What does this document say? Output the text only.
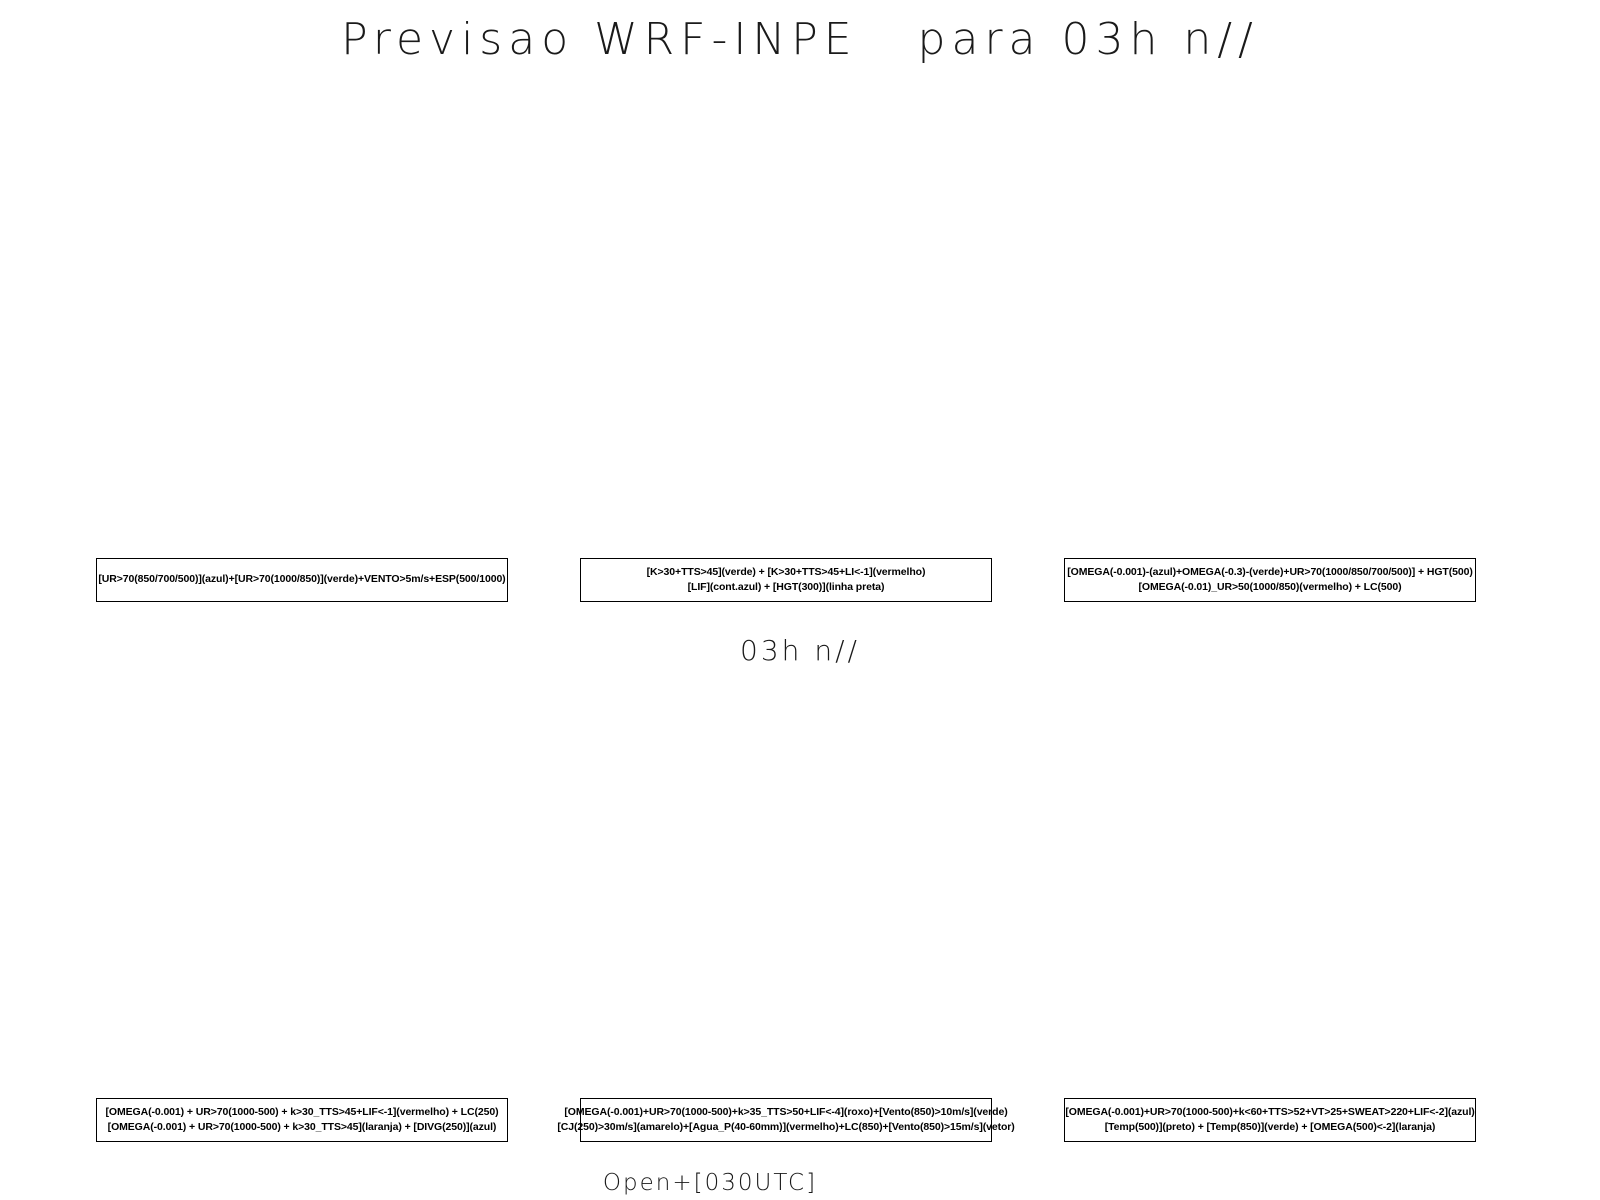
Previsao WRF-INPE   para 03h n//
[UR>70(850/700/500)](azul)+[UR>70(1000/850)](verde)+VENTO>5m/s+ESP(500/1000)
[K>30+TTS>45](verde) + [K>30+TTS>45+LI<-1](vermelho)
[LIF](cont.azul) + [HGT(300)](linha preta)
[OMEGA(-0.001)-(azul)+OMEGA(-0.3)-(verde)+UR>70(1000/850/700/500)] + HGT(500)
[OMEGA(-0.01)_UR>50(1000/850)(vermelho) + LC(500)
03h n//
[OMEGA(-0.001) + UR>70(1000-500) + k>30_TTS>45+LIF<-1](vermelho) + LC(250)
[OMEGA(-0.001) + UR>70(1000-500) + k>30_TTS>45](laranja) + [DIVG(250)](azul)
[OMEGA(-0.001)+UR>70(1000-500)+k>35_TTS>50+LIF<-4](roxo)+[Vento(850)>10m/s](verde)
[CJ(250)>30m/s](amarelo)+[Agua_P(40-60mm)](vermelho)+LC(850)+[Vento(850)>15m/s](vetor)
[OMEGA(-0.001)+UR>70(1000-500)+k<60+TTS>52+VT>25+SWEAT>220+LIF<-2](azul)
[Temp(500)](preto) + [Temp(850)](verde) + [OMEGA(500)<-2](laranja)
Open+[030UTC]
